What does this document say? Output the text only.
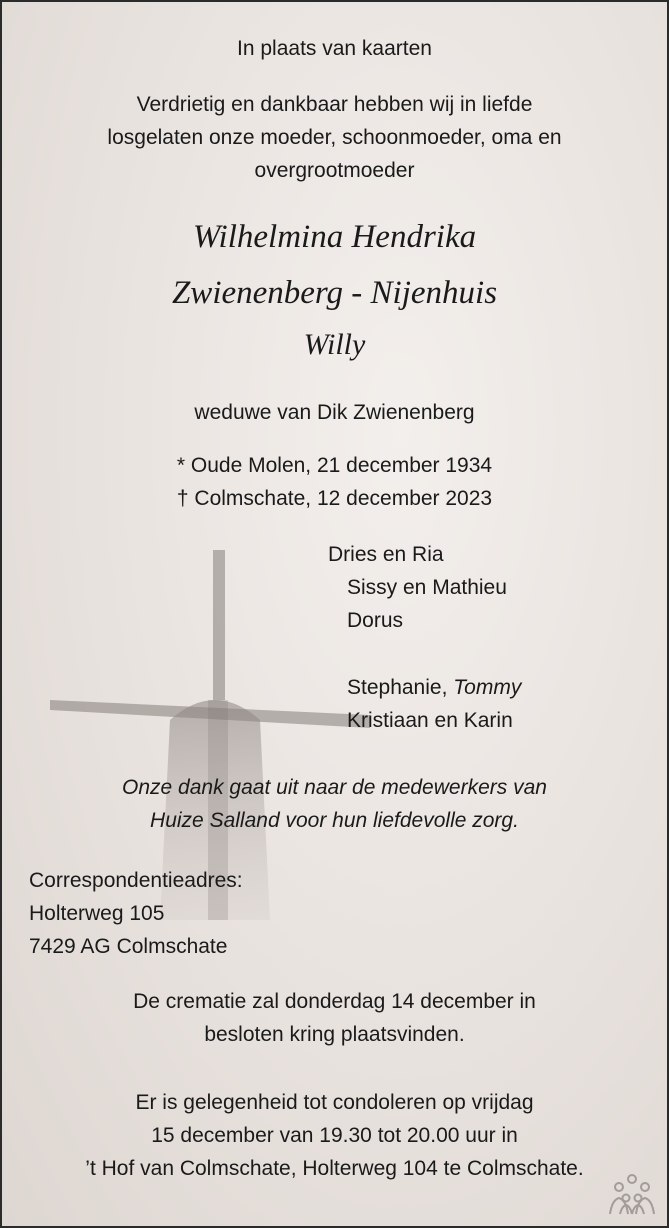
In plaats van kaarten
Verdrietig en dankbaar hebben wij in liefde
losgelaten onze moeder, schoonmoeder, oma en
overgrootmoeder
Wilhelmina Hendrika
Zwienenberg - Nijenhuis
Willy
weduwe van Dik Zwienenberg
* Oude Molen, 21 december 1934
† Colmschate, 12 december 2023
Dries en Ria
Sissy en Mathieu
Dorus
Stephanie, Tommy
Kristiaan en Karin
Onze dank gaat uit naar de medewerkers van
Huize Salland voor hun liefdevolle zorg.
Correspondentieadres:
Holterweg 105
7429 AG Colmschate
De crematie zal donderdag 14 december in
besloten kring plaatsvinden.
Er is gelegenheid tot condoleren op vrijdag
15 december van 19.30 tot 20.00 uur in
’t Hof van Colmschate, Holterweg 104 te Colmschate.
